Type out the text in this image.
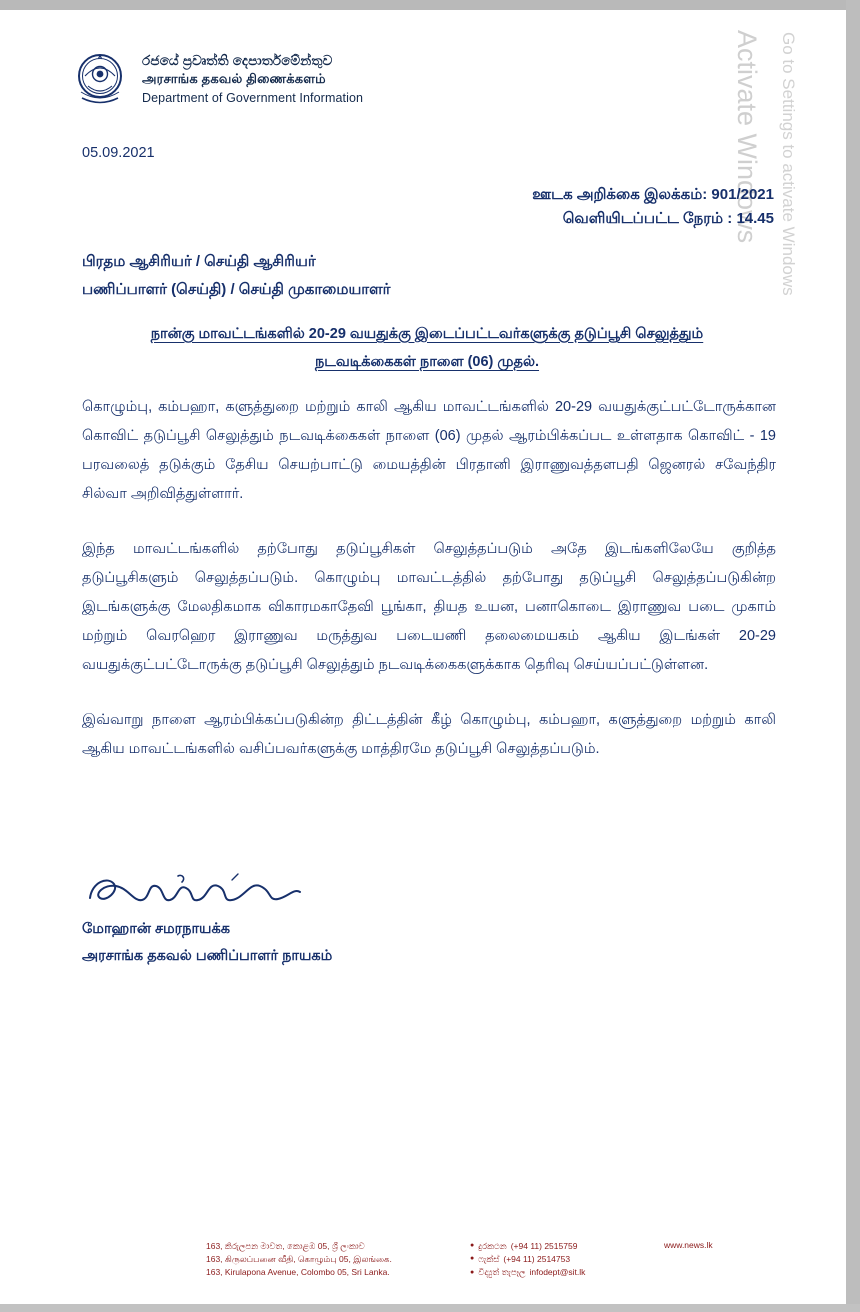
Activate Windows Go to Settings to activate Windows
රජයේ ප්‍රවෘත්ති දෙපාර්තමේන්තුව
அரசாங்க தகவல் திணைக்களம்
Department of Government Information
05.09.2021
ஊடக அறிக்கை இலக்கம்: 901/2021
வெளியிடப்பட்ட நேரம் : 14.45
பிரதம ஆசிரியர் / செய்தி ஆசிரியர்
பணிப்பாளர் (செய்தி) / செய்தி முகாமையாளர்
நான்கு மாவட்டங்களில் 20-29 வயதுக்கு இடைப்பட்டவர்களுக்கு தடுப்பூசி செலுத்தும்
நடவடிக்கைகள் நாளை (06) முதல்.

கொழும்பு, கம்பஹா, களுத்துறை மற்றும் காலி ஆகிய மாவட்டங்களில் 20-29 வயதுக்குட்பட்டோருக்கான கொவிட் தடுப்பூசி செலுத்தும் நடவடிக்கைகள் நாளை (06) முதல் ஆரம்பிக்கப்பட உள்ளதாக கொவிட் - 19 பரவலைத் தடுக்கும் தேசிய செயற்பாட்டு மையத்தின் பிரதானி இராணுவத்தளபதி ஜெனரல் சவேந்திர சில்வா அறிவித்துள்ளார்.

இந்த மாவட்டங்களில் தற்போது தடுப்பூசிகள் செலுத்தப்படும் அதே இடங்களிலேயே குறித்த தடுப்பூசிகளும் செலுத்தப்படும். கொழும்பு மாவட்டத்தில் தற்போது தடுப்பூசி செலுத்தப்படுகின்ற இடங்களுக்கு மேலதிகமாக விகாரமகாதேவி பூங்கா, தியத உயன, பனாகொடை இராணுவ படை முகாம் மற்றும் வெரஹெர இராணுவ மருத்துவ படையணி தலைமையகம் ஆகிய இடங்கள் 20-29 வயதுக்குட்பட்டோருக்கு தடுப்பூசி செலுத்தும் நடவடிக்கைகளுக்காக தெரிவு செய்யப்பட்டுள்ளன.

இவ்வாறு நாளை ஆரம்பிக்கப்படுகின்ற திட்டத்தின் கீழ் கொழும்பு, கம்பஹா, களுத்துறை மற்றும் காலி ஆகிய மாவட்டங்களில் வசிப்பவர்களுக்கு மாத்திரமே தடுப்பூசி செலுத்தப்படும்.

மோஹான் சமரநாயக்க
அரசாங்க தகவல் பணிப்பாளர் நாயகம்
163, කිරුලපන මාවත, කොළඹ 05, ශ්‍රී ලංකාව
163, கிருலப்பனை வீதி, கொழும்பு 05, இலங்கை.
163, Kirulapona Avenue, Colombo 05, Sri Lanka.
● දුරකථන (+94 11) 2515759
● ෆැක්ස් (+94 11) 2514753
● විද්‍යුත් තැපෑල infodept@sit.lk
www.news.lk
